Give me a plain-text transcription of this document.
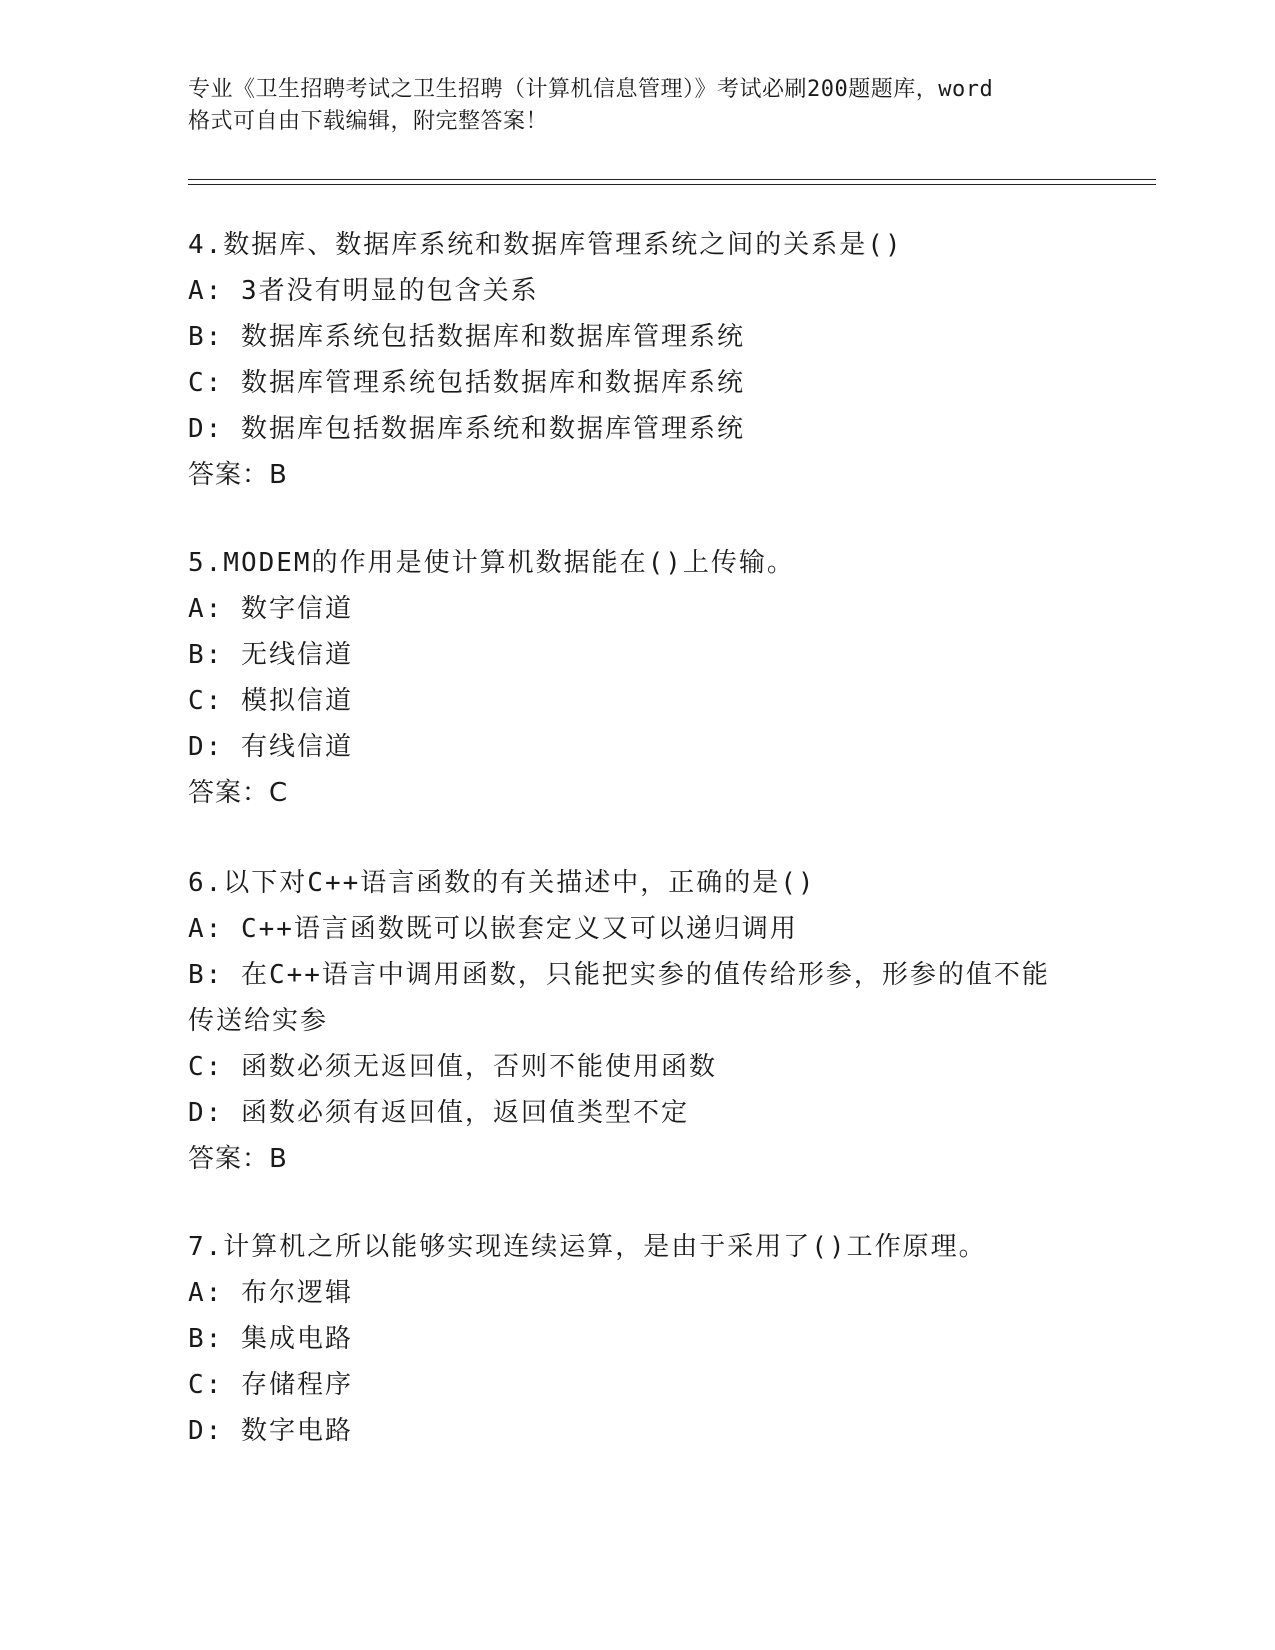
专业《卫生招聘考试之卫生招聘（计算机信息管理）》考试必刷200题题库，word
格式可自由下载编辑，附完整答案！
4.数据库、数据库系统和数据库管理系统之间的关系是()
A: 3者没有明显的包含关系
B: 数据库系统包括数据库和数据库管理系统
C: 数据库管理系统包括数据库和数据库系统
D: 数据库包括数据库系统和数据库管理系统
答案：B
5.MODEM的作用是使计算机数据能在()上传输。
A: 数字信道
B: 无线信道
C: 模拟信道
D: 有线信道
答案：C
6.以下对C++语言函数的有关描述中，正确的是()
A: C++语言函数既可以嵌套定义又可以递归调用
B: 在C++语言中调用函数，只能把实参的值传给形参，形参的值不能传送给实参
C: 函数必须无返回值，否则不能使用函数
D: 函数必须有返回值，返回值类型不定
答案：B
7.计算机之所以能够实现连续运算，是由于采用了()工作原理。
A: 布尔逻辑
B: 集成电路
C: 存储程序
D: 数字电路
